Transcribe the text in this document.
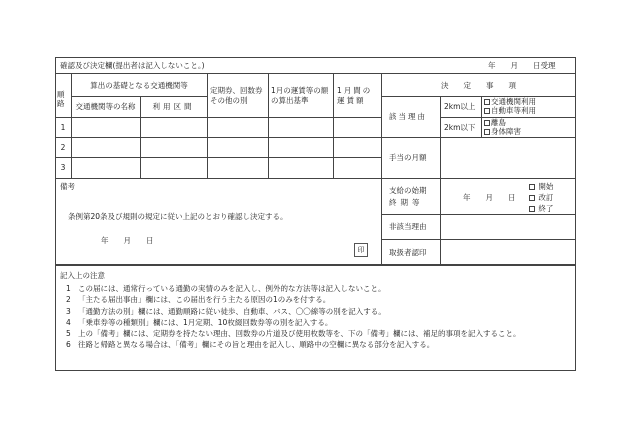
確認及び決定欄(提出者は記入しないこと。)	年　　月　　日受理
順路
算出の基礎となる交通機関等
交通機関等の名称	利用区間
定期券、回数券その他の別
1月の運賃等の額の算出基準
1月間の運賃額
1
2
3
備考
条例第20条及び規則の規定に従い上記のとおり確認し決定する。
年　　月　　日
印
決　　定　　事　　項
該当理由
2km以上
2km以下
交通機関利用
自動車等利用
離島
身体障害
手当の月額
支給の始期
終期等
年　　月　　日
開始
改訂
終了
非該当理由
取扱者認印
記入上の注意
1 この届には、通常行っている通勤の実情のみを記入し、例外的な方法等は記入しないこと。
2 「主たる届出事由」欄には、この届出を行う主たる原因の1のみを付する。
3 「通勤方法の別」欄には、通勤順路に従い徒歩、自動車、バス、〇〇線等の別を記入する。
4 「乗車券等の種類別」欄には、1月定期、10枚綴回数券等の別を記入する。
5 上の「備考」欄には、定期券を持たない理由、回数券の片道及び使用枚数等を、下の「備考」欄には、補足的事項を記入すること。
6 往路と帰路と異なる場合は、「備考」欄にその旨と理由を記入し、順路中の空欄に異なる部分を記入する。
